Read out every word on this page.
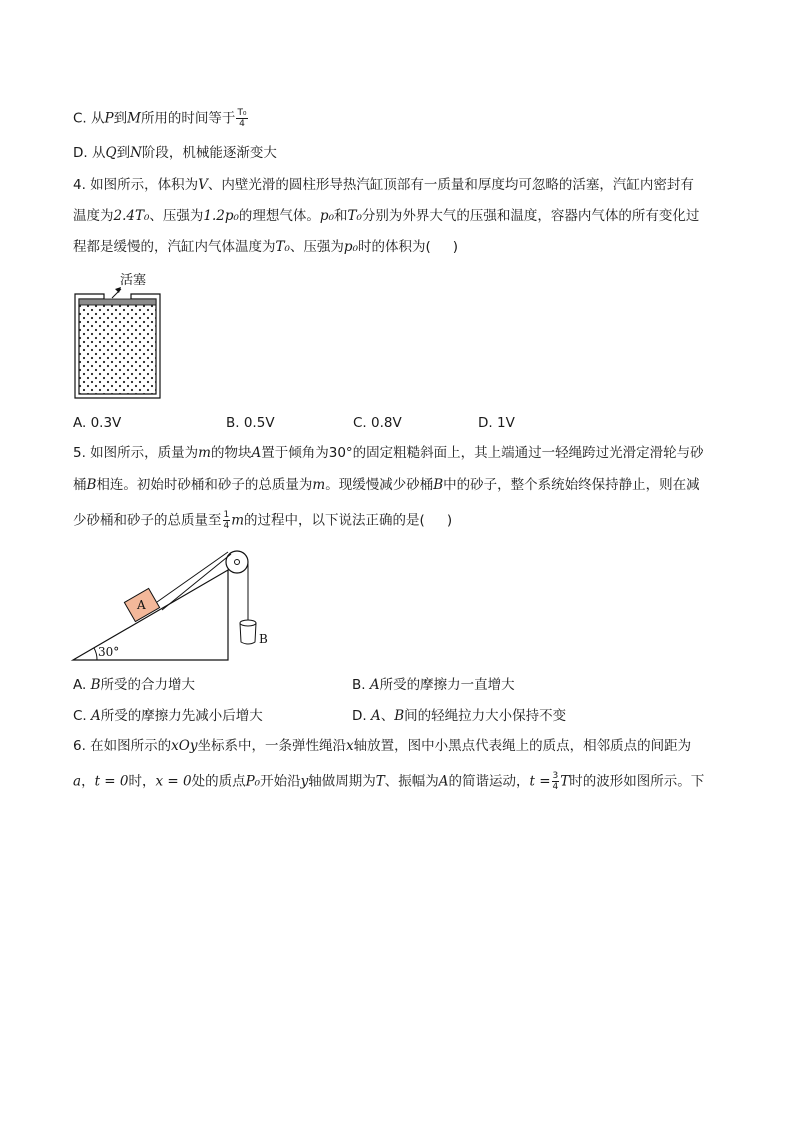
C. 从P到M所用的时间等于 $\frac{\text{T₀}}{4}$
D. 从Q到N阶段，机械能逐渐变大
4. 如图所示，体积为V、内壁光滑的圆柱形导热汽缸顶部有一质量和厚度均可忽略的活塞，汽缸内密封有
温度为2.4T₀、压强为1.2p₀的理想气体。p₀和T₀分别为外界大气的压强和温度，容器内气体的所有变化过
程都是缓慢的，汽缸内气体温度为T₀、压强为p₀时的体积为( )
活塞
A. 0.3V	B. 0.5V	C. 0.8V	D. 1V
5. 如图所示，质量为m的物块A置于倾角为30°的固定粗糙斜面上，其上端通过一轻绳跨过光滑定滑轮与砂
桶B相连。初始时砂桶和砂子的总质量为m。现缓慢减少砂桶B中的砂子，整个系统始终保持静止，则在减
少砂桶和砂子的总质量至 $\frac{1}{4}$ m的过程中，以下说法正确的是( )
A
B
30°
A. B所受的合力增大	B. A所受的摩擦力一直增大
C. A所受的摩擦力先减小后增大	D. A、B间的轻绳拉力大小保持不变
6. 在如图所示的xOy坐标系中，一条弹性绳沿x轴放置，图中小黑点代表绳上的质点，相邻质点的间距为
a，t = 0时，x = 0处的质点P₀开始沿y轴做周期为T、振幅为A的简谐运动，$t = \frac{3}{4}$ T时的波形如图所示。下
